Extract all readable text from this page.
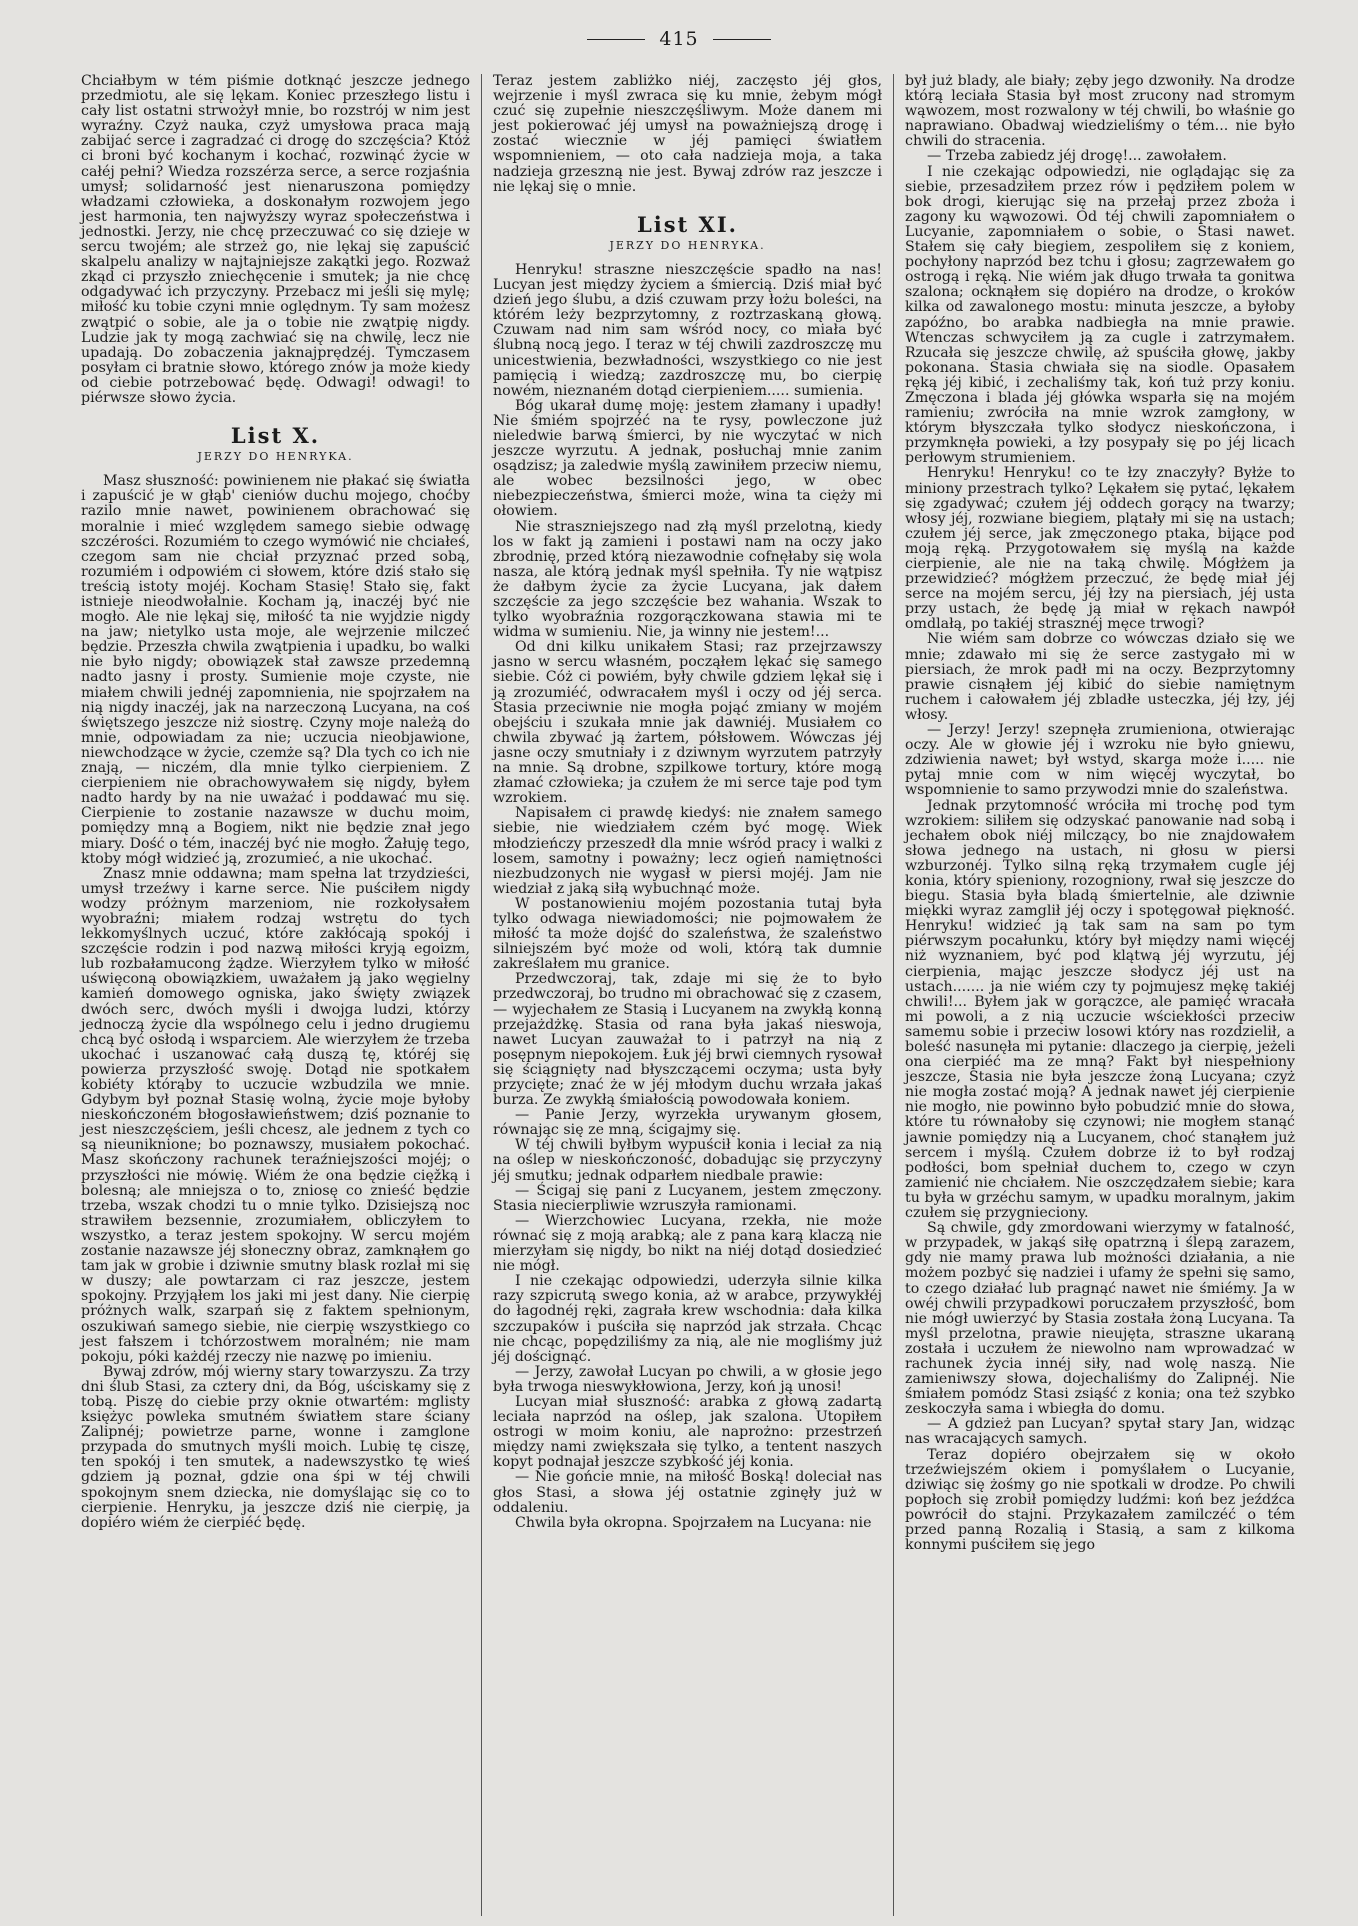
415

Chciałbym w tém piśmie dotknąć jeszcze jednego przedmiotu, ale się lękam. Koniec przeszłego listu i cały list ostatni strwożył mnie, bo rozstrój w nim jest wyraźny. Czyż nauka, czyż umysłowa praca mają zabijać serce i zagradzać ci drogę do szczęścia? Któż ci broni być kochanym i kochać, rozwinąć życie w całéj pełni? Wiedza rozszérza serce, a serce rozjaśnia umysł; solidarność jest nienaruszona pomiędzy władzami człowieka, a doskonałym rozwojem jego jest harmonia, ten najwyższy wyraz społeczeństwa i jednostki. Jerzy, nie chcę przeczuwać co się dzieje w sercu twojém; ale strzeż go, nie lękaj się zapuścić skalpelu analizy w najtajniejsze zakątki jego. Rozważ zkąd ci przyszło zniechęcenie i smutek; ja nie chcę odgadywać ich przyczyny. Przebacz mi jeśli się mylę; miłość ku tobie czyni mnie oględnym. Ty sam możesz zwątpić o sobie, ale ja o tobie nie zwątpię nigdy. Ludzie jak ty mogą zachwiać się na chwilę, lecz nie upadają. Do zobaczenia jaknajprędzéj. Tymczasem posyłam ci bratnie słowo, którego znów ja może kiedy od ciebie potrzebować będę. Odwagi! odwagi! to piérwsze słowo życia.

List X.
JERZY DO HENRYKA.

Masz słuszność: powinienem nie płakać się światła i zapuścić je w głąb' cieniów duchu mojego, choćby razilo mnie nawet, powinienem obrachować się moralnie i mieć względem samego siebie odwagę szczérości. Rozumiém to czego wymówić nie chciałeś, czegom sam nie chciał przyznać przed sobą, rozumiém i odpowiém ci słowem, które dziś stało się treścią istoty mojéj. Kocham Stasię! Stało się, fakt istnieje nieodwołalnie. Kocham ją, inaczéj być nie mogło. Ale nie lękaj się, miłość ta nie wyjdzie nigdy na jaw; nietylko usta moje, ale wejrzenie milczeć będzie. Przeszła chwila zwątpienia i upadku, bo walki nie było nigdy; obowiązek stał zawsze przedemną nadto jasny i prosty. Sumienie moje czyste, nie miałem chwili jednéj zapomnienia, nie spojrzałem na nią nigdy inaczéj, jak na narzeczoną Lucyana, na coś świętszego jeszcze niż siostrę. Czyny moje należą do mnie, odpowiadam za nie; uczucia nieobjawione, niewchodzące w życie, czemże są? Dla tych co ich nie znają, — niczém, dla mnie tylko cierpieniem. Z cierpieniem nie obrachowywałem się nigdy, byłem nadto hardy by na nie uważać i poddawać mu się. Cierpienie to zostanie nazawsze w duchu moim, pomiędzy mną a Bogiem, nikt nie będzie znał jego miary. Dość o tém, inaczéj być nie mogło. Żałuję tego, ktoby mógł widzieć ją, zrozumieć, a nie ukochać.

Znasz mnie oddawna; mam spełna lat trzydzieści, umysł trzeźwy i karne serce. Nie puściłem nigdy wodzy próżnym marzeniom, nie rozkołysałem wyobraźni; miałem rodzaj wstrętu do tych lekkomyślnych uczuć, które zakłócają spokój i szczęście rodzin i pod nazwą miłości kryją egoizm, lub rozbałamucong żądze. Wierzyłem tylko w miłość uświęconą obowiązkiem, uważałem ją jako węgielny kamień domowego ogniska, jako święty związek dwóch serc, dwóch myśli i dwojga ludzi, którzy jednoczą życie dla wspólnego celu i jedno drugiemu chcą być osłodą i wsparciem. Ale wierzyłem że trzeba ukochać i uszanować całą duszą tę, któréj się powierza przyszłość swoję. Dotąd nie spotkałem kobiéty którąby to uczucie wzbudzila we mnie. Gdybym był poznał Stasię wolną, życie moje byłoby nieskończoném błogosławieństwem; dziś poznanie to jest nieszczęściem, jeśli chcesz, ale jednem z tych co są nieuniknione; bo poznawszy, musiałem pokochać. Masz skończony rachunek teraźniejszości mojéj; o przyszłości nie mówię. Wiém że ona będzie cięžką i bolesną; ale mniejsza o to, zniosę co znieść będzie trzeba, wszak chodzi tu o mnie tylko. Dzisiejszą noc strawiłem bezsennie, zrozumiałem, obliczyłem to wszystko, a teraz jestem spokojny. W sercu mojém zostanie nazawsze jéj słoneczny obraz, zamknąłem go tam jak w grobie i dziwnie smutny blask rozlał mi się w duszy; ale powtarzam ci raz jeszcze, jestem spokojny. Przyjąłem los jaki mi jest dany. Nie cierpię próżnych walk, szarpań się z faktem spełnionym, oszukiwań samego siebie, nie cierpię wszystkiego co jest fałszem i tchórzostwem moralném; nie mam pokoju, póki każdéj rzeczy nie nazwę po imieniu.

Bywaj zdrów, mój wierny stary towarzyszu. Za trzy dni ślub Stasi, za cztery dni, da Bóg, uściskamy się z tobą. Piszę do ciebie przy oknie otwartém: mglisty księżyc powleka smutném światłem stare ściany Zalipnéj; powietrze parne, wonne i zamglone przypada do smutnych myśli moich. Lubię tę ciszę, ten spokój i ten smutek, a nadewszystko tę wieś gdziem ją poznał, gdzie ona śpi w téj chwili spokojnym snem dziecka, nie domyślając się co to cierpienie. Henryku, ja jeszcze dziś nie cierpię, ja dopiéro wiém że cierpiéć będę.

Teraz jestem zabliżko niéj, zaczęsto jéj głos, wejrzenie i myśl zwraca się ku mnie, żebym mógł czuć się zupełnie nieszczęśliwym. Może danem mi jest pokierować jéj umysł na poważniejszą drogę i zostać wiecznie w jéj pamięci światłem wspomnieniem, — oto cała nadzieja moja, a taka nadzieja grzeszną nie jest. Bywaj zdrów raz jeszcze i nie lękaj się o mnie.

List XI.
JERZY DO HENRYKA.

Henryku! straszne nieszczęście spadło na nas! Lucyan jest między życiem a śmiercią. Dziś miał być dzień jego ślubu, a dziś czuwam przy łożu boleści, na którém leży bezprzytomny, z roztrzaskaną głową. Czuwam nad nim sam wśród nocy, co miała być ślubną nocą jego. I teraz w téj chwili zazdroszczę mu unicestwienia, bezwładności, wszystkiego co nie jest pamięcią i wiedzą; zazdroszczę mu, bo cierpię nowém, nieznaném dotąd cierpieniem..... sumienia.

Bóg ukarał dumę moję: jestem złamany i upadły! Nie śmiém spojrzéć na te rysy, powleczone już nieledwie barwą śmierci, by nie wyczytać w nich jeszcze wyrzutu. A jednak, posłuchaj mnie zanim osądzisz; ja zaledwie myślą zawiniłem przeciw niemu, ale wobec bezsilności jego, w obec niebezpieczeństwa, śmierci może, wina ta cięży mi ołowiem.

Nie straszniejszego nad złą myśl przelotną, kiedy los w fakt ją zamieni i postawi nam na oczy jako zbrodnię, przed którą niezawodnie cofnęłaby się wola nasza, ale którą jednak myśl spełniła. Ty nie wątpisz że dałbym życie za życie Lucyana, jak dałem szczęście za jego szczęście bez wahania. Wszak to tylko wyobraźnia rozgorączkowana stawia mi te widma w sumieniu. Nie, ja winny nie jestem!...

Od dni kilku unikałem Stasi; raz przejrzawszy jasno w sercu własném, począłem lękać się samego siebie. Cóż ci powiém, były chwile gdziem lękał się i ją zrozumiéć, odwracałem myśl i oczy od jéj serca. Stasia przeciwnie nie mogła pojąć zmiany w mojém obejściu i szukała mnie jak dawniéj. Musiałem co chwila zbywać ją żartem, półsłowem. Wówczas jéj jasne oczy smutniały i z dziwnym wyrzutem patrzyły na mnie. Są drobne, szpilkowe tortury, które mogą złamać człowieka; ja czułem że mi serce taje pod tym wzrokiem.

Napisałem ci prawdę kiedyś: nie znałem samego siebie, nie wiedziałem czém być mogę. Wiek młodzieńczy przeszedł dla mnie wśród pracy i walki z losem, samotny i poważny; lecz ogień namiętności niezbudzonych nie wygasł w piersi mojéj. Jam nie wiedział z jaką siłą wybuchnąć może.

W postanowieniu mojém pozostania tutaj była tylko odwaga niewiadomości; nie pojmowałem że miłość ta może dojść do szaleństwa, że szaleństwo silniejszém być może od woli, którą tak dumnie zakreślałem mu granice.

Przedwczoraj, tak, zdaje mi się że to było przedwczoraj, bo trudno mi obrachować się z czasem, — wyjechałem ze Stasią i Lucyanem na zwykłą konną przejażdżkę. Stasia od rana była jakaś nieswoja, nawet Lucyan zauważał to i patrzył na nią z posępnym niepokojem. Łuk jéj brwi ciemnych rysował się ściągnięty nad błyszczącemi oczyma; usta były przycięte; znać że w jéj młodym duchu wrzała jakaś burza. Ze zwykłą śmiałością powodowała koniem.

— Panie Jerzy, wyrzekła urywanym głosem, równając się ze mną, ścigajmy się.

W téj chwili byłbym wypuścił konia i leciał za nią na oślep w nieskończoność, dobadując się przyczyny jéj smutku; jednak odparłem niedbale prawie:

— Ścigaj się pani z Lucyanem, jestem zmęczony. Stasia niecierpliwie wzruszyła ramionami.

— Wierzchowiec Lucyana, rzekła, nie może równać się z moją arabką; ale z pana karą klaczą nie mierzyłam się nigdy, bo nikt na niéj dotąd dosiedzieć nie mógł.

I nie czekając odpowiedzi, uderzyła silnie kilka razy szpicrutą swego konia, aż w arabce, przywykłéj do łagodnéj ręki, zagrała krew wschodnia: dała kilka szczupaków i puściła się naprzód jak strzała. Chcąc nie chcąc, popędziliśmy za nią, ale nie mogliśmy już jéj doścignąć.

— Jerzy, zawołał Lucyan po chwili, a w głosie jego była trwoga nieswykłowiona, Jerzy, koń ją unosi!

Lucyan miał słuszność: arabka z głową zadartą leciała naprzód na oślep, jak szalona. Utopiłem ostrogi w moim koniu, ale naprożno: przestrzeń między nami zwiększała się tylko, a tentent naszych kopyt podnajał jeszcze szybkość jéj konia.

— Nie gońcie mnie, na miłość Boską! doleciał nas głos Stasi, a słowa jéj ostatnie zginęły już w oddaleniu.

Chwila była okropna. Spojrzałem na Lucyana: nie

był już blady, ale biały; zęby jego dzwoniły. Na drodze którą leciała Stasia był most zrucony nad stromym wąwozem, most rozwalony w téj chwili, bo właśnie go naprawiano. Obadwaj wiedzieliśmy o tém... nie było chwili do stracenia.

— Trzeba zabiedz jéj drogę!... zawołałem.

I nie czekając odpowiedzi, nie oglądając się za siebie, przesadziłem przez rów i pędziłem polem w bok drogi, kierując się na przełaj przez zboża i zagony ku wąwozowi. Od téj chwili zapomniałem o Lucyanie, zapomniałem o sobie, o Stasi nawet. Stałem się cały biegiem, zespoliłem się z koniem, pochyłony naprzód bez tchu i głosu; zagrzewałem go ostrogą i ręką. Nie wiém jak długo trwała ta gonitwa szalona; ocknąłem się dopiéro na drodze, o kroków kilka od zawalonego mostu: minuta jeszcze, a byłoby zapóźno, bo arabka nadbiegła na mnie prawie. Wtenczas schwyciłem ją za cugle i zatrzymałem. Rzucała się jeszcze chwilę, aż spuściła głowę, jakby pokonana. Stasia chwiała się na siodle. Opasałem ręką jéj kibić, i zechaliśmy tak, koń tuż przy koniu. Zmęczona i blada jéj główka wsparła się na mojém ramieniu; zwróciła na mnie wzrok zamgłony, w którym błyszczała tylko słodycz nieskończona, i przymknęła powieki, a łzy posypały się po jéj licach perłowym strumieniem.

Henryku! Henryku! co te łzy znaczyły? Byłże to miniony przestrach tylko? Lękałem się pytać, lękałem się zgadywać; czułem jéj oddech gorący na twarzy; włosy jéj, rozwiane biegiem, plątały mi się na ustach; czułem jéj serce, jak zmęczonego ptaka, bijące pod moją ręką. Przygotowałem się myślą na każde cierpienie, ale nie na taką chwilę. Mógłżem ja przewidzieć? mógłżem przeczuć, że będę miał jéj serce na mojém sercu, jéj łzy na piersiach, jéj usta przy ustach, że będę ją miał w rękach nawpół omdlałą, po takiéj strasznéj męce trwogi?

Nie wiém sam dobrze co wówczas działo się we mnie; zdawało mi się że serce zastygało mi w piersiach, że mrok padł mi na oczy. Bezprzytomny prawie cisnąłem jéj kibić do siebie namiętnym ruchem i całowałem jéj zbladłe usteczka, jéj łzy, jéj włosy.

— Jerzy! Jerzy! szepnęła zrumieniona, otwierając oczy. Ale w głowie jéj i wzroku nie było gniewu, zdziwienia nawet; był wstyd, skarga może i..... nie pytaj mnie com w nim więcéj wyczytał, bo wspomnienie to samo przywodzi mnie do szaleństwa.

Jednak przytomność wróciła mi trochę pod tym wzrokiem: siliłem się odzyskać panowanie nad sobą i jechałem obok niéj milczący, bo nie znajdowałem słowa jednego na ustach, ni głosu w piersi wzburzonéj. Tylko silną ręką trzymałem cugle jéj konia, który spieniony, rozogniony, rwał się jeszcze do biegu. Stasia była bladą śmiertelnie, ale dziwnie miękki wyraz zamglił jéj oczy i spotęgował piękność. Henryku! widzieć ją tak sam na sam po tym piérwszym pocałunku, który był między nami więcéj niż wyznaniem, być pod klątwą jéj wyrzutu, jéj cierpienia, mając jeszcze słodycz jéj ust na ustach....... ja nie wiém czy ty pojmujesz mękę takiéj chwili!... Byłem jak w gorączce, ale pamięć wracała mi powoli, a z nią uczucie wściekłości przeciw samemu sobie i przeciw losowi który nas rozdzielił, a boleść nasunęła mi pytanie: dlaczego ja cierpię, jeżeli ona cierpiéć ma ze mną? Fakt był niespełniony jeszcze, Stasia nie była jeszcze żoną Lucyana; czyż nie mogła zostać moją? A jednak nawet jéj cierpienie nie mogło, nie powinno było pobudzić mnie do słowa, które tu równałoby się czynowi; nie mogłem stanąć jawnie pomiędzy nią a Lucyanem, choć stanąłem już sercem i myślą. Czułem dobrze iż to był rodzaj podłości, bom spełniał duchem to, czego w czyn zamienić nie chciałem. Nie oszczędzałem siebie; kara tu była w grzéchu samym, w upadku moralnym, jakim czułem się przygnieciony.

Są chwile, gdy zmordowani wierzymy w fatalność, w przypadek, w jakąś siłę opatrzną i ślepą zarazem, gdy nie mamy prawa lub możności działania, a nie możem pozbyć się nadziei i ufamy że spełni się samo, to czego działać lub pragnąć nawet nie śmiémy. Ja w owéj chwili przypadkowi poruczałem przyszłość, bom nie mógł uwierzyć by Stasia została żoną Lucyana. Ta myśl przelotna, prawie nieujęta, straszne ukaraną została i uczułem że niewolno nam wprowadzać w rachunek życia innéj siły, nad wolę naszą. Nie zamieniwszy słowa, dojechaliśmy do Zalipnéj. Nie śmiałem pomódz Stasi zsiąść z konia; ona też szybko zeskoczyła sama i wbiegła do domu.

— A gdzież pan Lucyan? spytał stary Jan, widząc nas wracających samych.

Teraz dopiéro obejrzałem się w około trzeźwiejszém okiem i pomyślałem o Lucyanie, dziwiąc się żośmy go nie spotkali w drodze. Po chwili popłoch się zrobił pomiędzy ludźmi: koń bez jeźdźca powrócił do stajni. Przykazałem zamilczéć o tém przed panną Rozalią i Stasią, a sam z kilkoma konnymi puściłem się jego
